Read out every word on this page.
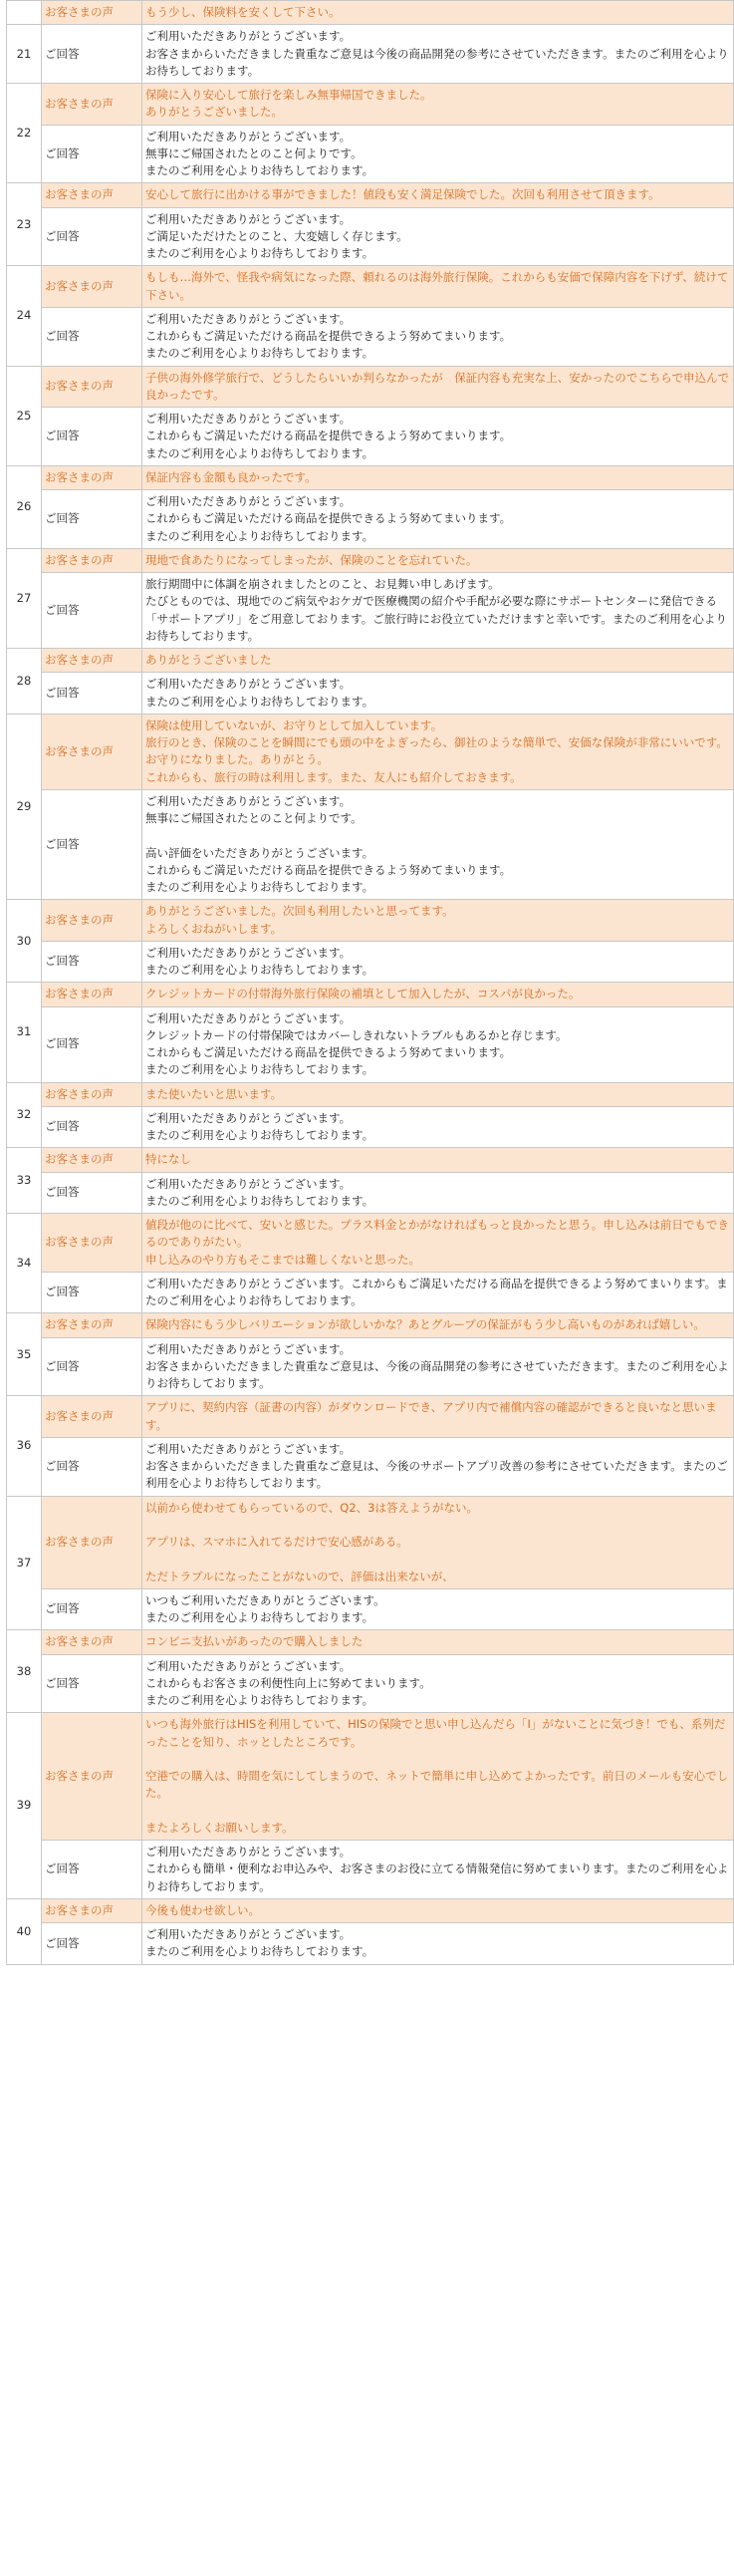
	お客さまの声	もう少し、保険料を安くして下さい。

21	ご回答	ご利用いただきありがとうございます。
お客さまからいただきました貴重なご意見は今後の商品開発の参考にさせていただきます。またのご利用を心よりお待ちしております。

22	お客さまの声	保険に入り安心して旅行を楽しみ無事帰国できました。
ありがとうございました。

	ご回答	ご利用いただきありがとうございます。
無事にご帰国されたとのこと何よりです。
またのご利用を心よりお待ちしております。

23	お客さまの声	安心して旅行に出かける事ができました！値段も安く満足保険でした。次回も利用させて頂きます。

	ご回答	ご利用いただきありがとうございます。
ご満足いただけたとのこと、大変嬉しく存じます。
またのご利用を心よりお待ちしております。

24	お客さまの声	もしも…海外で、怪我や病気になった際、頼れるのは海外旅行保険。これからも安価で保障内容を下げず、続けて下さい。

	ご回答	ご利用いただきありがとうございます。
これからもご満足いただける商品を提供できるよう努めてまいります。
またのご利用を心よりお待ちしております。

25	お客さまの声	子供の海外修学旅行で、どうしたらいいか判らなかったが　保証内容も充実な上、安かったのでこちらで申込んで良かったです。

	ご回答	ご利用いただきありがとうございます。
これからもご満足いただける商品を提供できるよう努めてまいります。
またのご利用を心よりお待ちしております。

26	お客さまの声	保証内容も金額も良かったです。

	ご回答	ご利用いただきありがとうございます。
これからもご満足いただける商品を提供できるよう努めてまいります。
またのご利用を心よりお待ちしております。

27	お客さまの声	現地で食あたりになってしまったが、保険のことを忘れていた。

	ご回答	旅行期間中に体調を崩されましたとのこと、お見舞い申しあげます。
たびとものでは、現地でのご病気やおケガで医療機関の紹介や手配が必要な際にサポートセンターに発信できる「サポートアプリ」をご用意しております。ご旅行時にお役立ていただけますと幸いです。またのご利用を心よりお待ちしております。

28	お客さまの声	ありがとうございました

	ご回答	ご利用いただきありがとうございます。
またのご利用を心よりお待ちしております。

29	お客さまの声	保険は使用していないが、お守りとして加入しています。
旅行のとき、保険のことを瞬間にでも頭の中をよぎったら、御社のような簡単で、安価な保険が非常にいいです。お守りになりました。ありがとう。
これからも、旅行の時は利用します。また、友人にも紹介しておきます。

	ご回答	ご利用いただきありがとうございます。
無事にご帰国されたとのこと何よりです。
高い評価をいただきありがとうございます。
これからもご満足いただける商品を提供できるよう努めてまいります。
またのご利用を心よりお待ちしております。

30	お客さまの声	ありがとうございました。次回も利用したいと思ってます。
よろしくおねがいします。

	ご回答	ご利用いただきありがとうございます。
またのご利用を心よりお待ちしております。

31	お客さまの声	クレジットカードの付帯海外旅行保険の補填として加入したが、コスパが良かった。

	ご回答	ご利用いただきありがとうございます。
クレジットカードの付帯保険ではカバーしきれないトラブルもあるかと存じます。
これからもご満足いただける商品を提供できるよう努めてまいります。
またのご利用を心よりお待ちしております。

32	お客さまの声	また使いたいと思います。

	ご回答	ご利用いただきありがとうございます。
またのご利用を心よりお待ちしております。

33	お客さまの声	特になし

	ご回答	ご利用いただきありがとうございます。
またのご利用を心よりお待ちしております。

34	お客さまの声	値段が他のに比べて、安いと感じた。プラス料金とかがなければもっと良かったと思う。申し込みは前日でもできるのでありがたい。
申し込みのやり方もそこまでは難しくないと思った。

	ご回答	ご利用いただきありがとうございます。これからもご満足いただける商品を提供できるよう努めてまいります。またのご利用を心よりお待ちしております。

35	お客さまの声	保険内容にもう少しバリエーションが欲しいかな？あとグループの保証がもう少し高いものがあれば嬉しい。

	ご回答	ご利用いただきありがとうございます。
お客さまからいただきました貴重なご意見は、今後の商品開発の参考にさせていただきます。またのご利用を心よりお待ちしております。

36	お客さまの声	アプリに、契約内容（証書の内容）がダウンロードでき、アプリ内で補償内容の確認ができると良いなと思います。

	ご回答	ご利用いただきありがとうございます。
お客さまからいただきました貴重なご意見は、今後のサポートアプリ改善の参考にさせていただきます。またのご利用を心よりお待ちしております。

37	お客さまの声	以前から使わせてもらっているので、Q2、3は答えようがない。
アプリは、スマホに入れてるだけで安心感がある。
ただトラブルになったことがないので、評価は出来ないが、

	ご回答	いつもご利用いただきありがとうございます。
またのご利用を心よりお待ちしております。

38	お客さまの声	コンビニ支払いがあったので購入しました

	ご回答	ご利用いただきありがとうございます。
これからもお客さまの利便性向上に努めてまいります。
またのご利用を心よりお待ちしております。

39	お客さまの声	いつも海外旅行はHISを利用していて、HISの保険でと思い申し込んだら「I」がないことに気づき！でも、系列だったことを知り、ホッとしたところです。
空港での購入は、時間を気にしてしまうので、ネットで簡単に申し込めてよかったです。前日のメールも安心でした。
またよろしくお願いします。

	ご回答	ご利用いただきありがとうございます。
これからも簡単・便利なお申込みや、お客さまのお役に立てる情報発信に努めてまいります。またのご利用を心よりお待ちしております。

40	お客さまの声	今後も使わせ欲しい。

	ご回答	ご利用いただきありがとうございます。
またのご利用を心よりお待ちしております。
